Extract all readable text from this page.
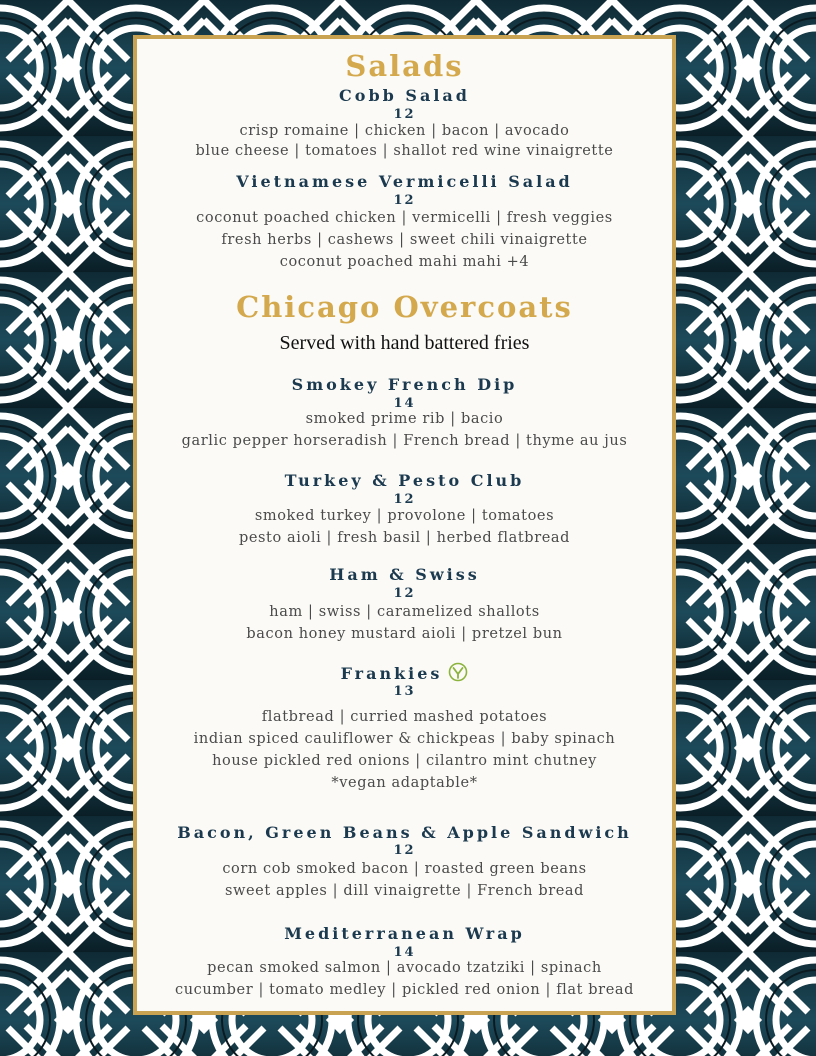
Salads
Cobb Salad
12
crisp romaine | chicken | bacon | avocado
blue cheese | tomatoes | shallot red wine vinaigrette
Vietnamese Vermicelli Salad
12
coconut poached chicken | vermicelli | fresh veggies
fresh herbs | cashews | sweet chili vinaigrette
coconut poached mahi mahi +4
Chicago Overcoats
Served with hand battered fries
Smokey French Dip
14
smoked prime rib | bacio
garlic pepper horseradish | French bread | thyme au jus
Turkey & Pesto Club
12
smoked turkey | provolone | tomatoes
pesto aioli | fresh basil | herbed flatbread
Ham & Swiss
12
ham | swiss | caramelized shallots
bacon honey mustard aioli | pretzel bun
Frankies
13
flatbread | curried mashed potatoes
indian spiced cauliflower & chickpeas | baby spinach
house pickled red onions | cilantro mint chutney
*vegan adaptable*
Bacon, Green Beans & Apple Sandwich
12
corn cob smoked bacon | roasted green beans
sweet apples | dill vinaigrette | French bread
Mediterranean Wrap
14
pecan smoked salmon | avocado tzatziki | spinach
cucumber | tomato medley | pickled red onion | flat bread
